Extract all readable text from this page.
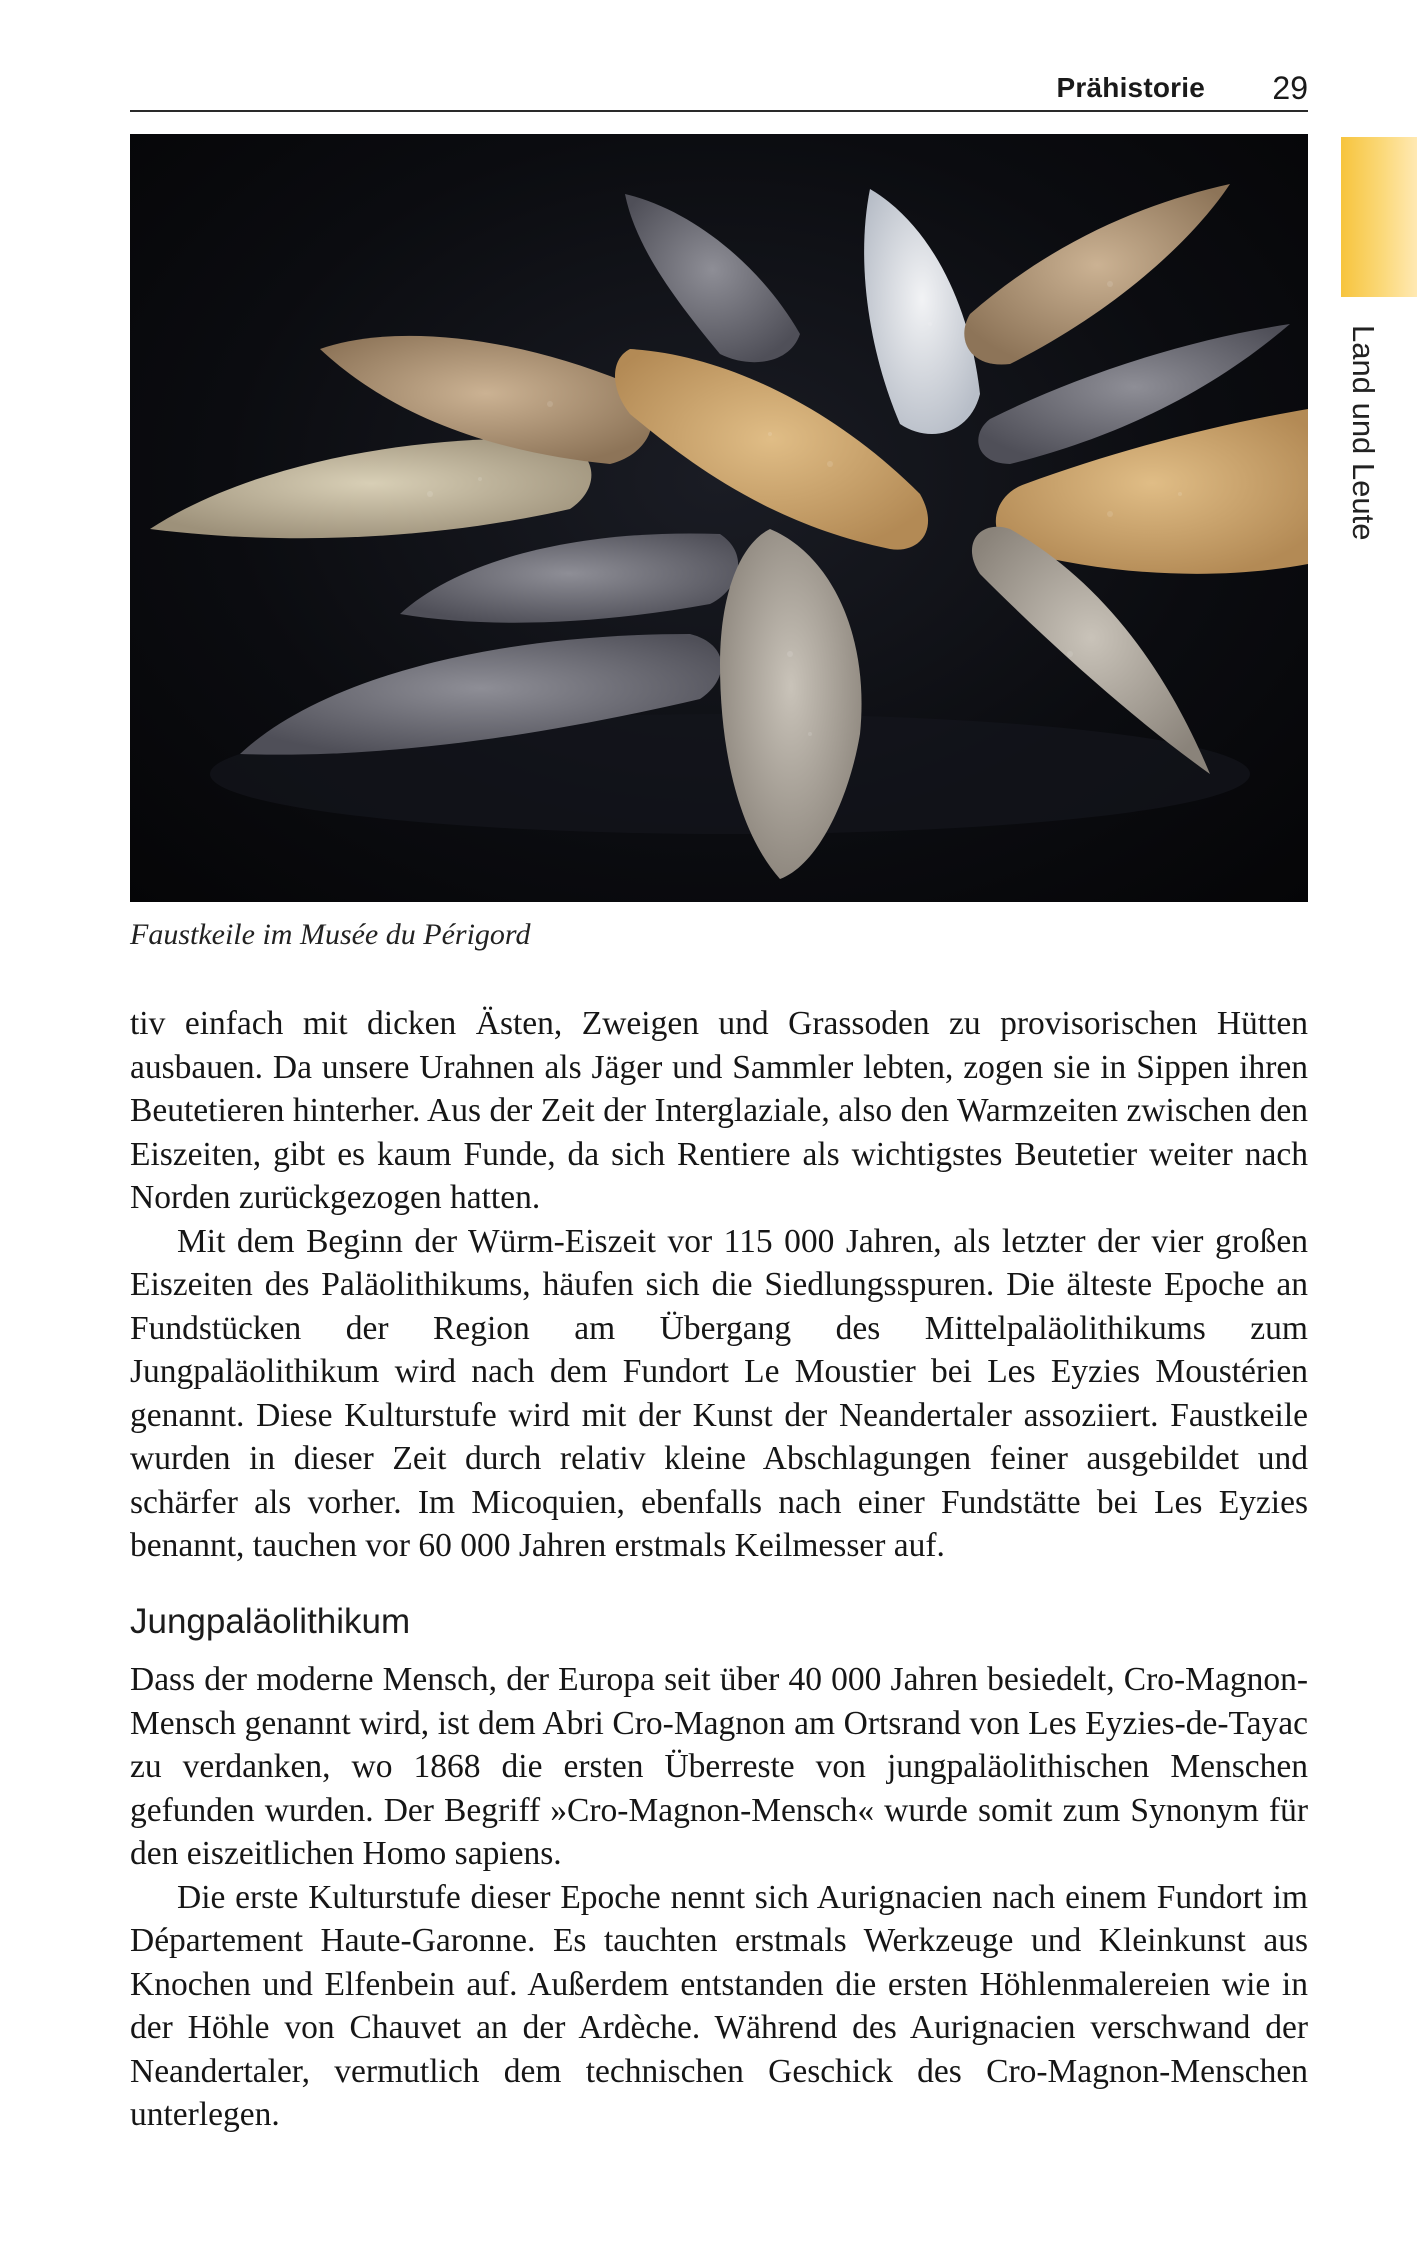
Prähistorie 29
Land und Leute
Faustkeile im Musée du Périgord

tiv einfach mit dicken Ästen, Zweigen und Grassoden zu provisorischen Hütten ausbauen. Da unsere Urahnen als Jäger und Sammler lebten, zogen sie in Sippen ihren Beutetieren hinterher. Aus der Zeit der Interglaziale, also den Warmzeiten zwischen den Eiszeiten, gibt es kaum Funde, da sich Rentiere als wichtigstes Beutetier weiter nach Norden zurückgezogen hatten.

Mit dem Beginn der Würm-Eiszeit vor 115 000 Jahren, als letzter der vier großen Eiszeiten des Paläolithikums, häufen sich die Siedlungsspuren. Die älteste Epoche an Fundstücken der Region am Übergang des Mittelpaläolithikums zum Jungpaläolithikum wird nach dem Fundort Le Moustier bei Les Eyzies Moustérien genannt. Diese Kulturstufe wird mit der Kunst der Neandertaler assoziiert. Faustkeile wurden in dieser Zeit durch relativ kleine Abschlagungen feiner ausgebildet und schärfer als vorher. Im Micoquien, ebenfalls nach einer Fundstätte bei Les Eyzies benannt, tauchen vor 60 000 Jahren erstmals Keilmesser auf.

Jungpaläolithikum

Dass der moderne Mensch, der Europa seit über 40 000 Jahren besiedelt, Cro-Magnon-Mensch genannt wird, ist dem Abri Cro-Magnon am Ortsrand von Les Eyzies-de-Tayac zu verdanken, wo 1868 die ersten Überreste von jungpaläolithischen Menschen gefunden wurden. Der Begriff »Cro-Magnon-Mensch« wurde somit zum Synonym für den eiszeitlichen Homo sapiens.

Die erste Kulturstufe dieser Epoche nennt sich Aurignacien nach einem Fundort im Département Haute-Garonne. Es tauchten erstmals Werkzeuge und Kleinkunst aus Knochen und Elfenbein auf. Außerdem entstanden die ersten Höhlenmalereien wie in der Höhle von Chauvet an der Ardèche. Während des Aurignacien verschwand der Neandertaler, vermutlich dem technischen Geschick des Cro-Magnon-Menschen unterlegen.
